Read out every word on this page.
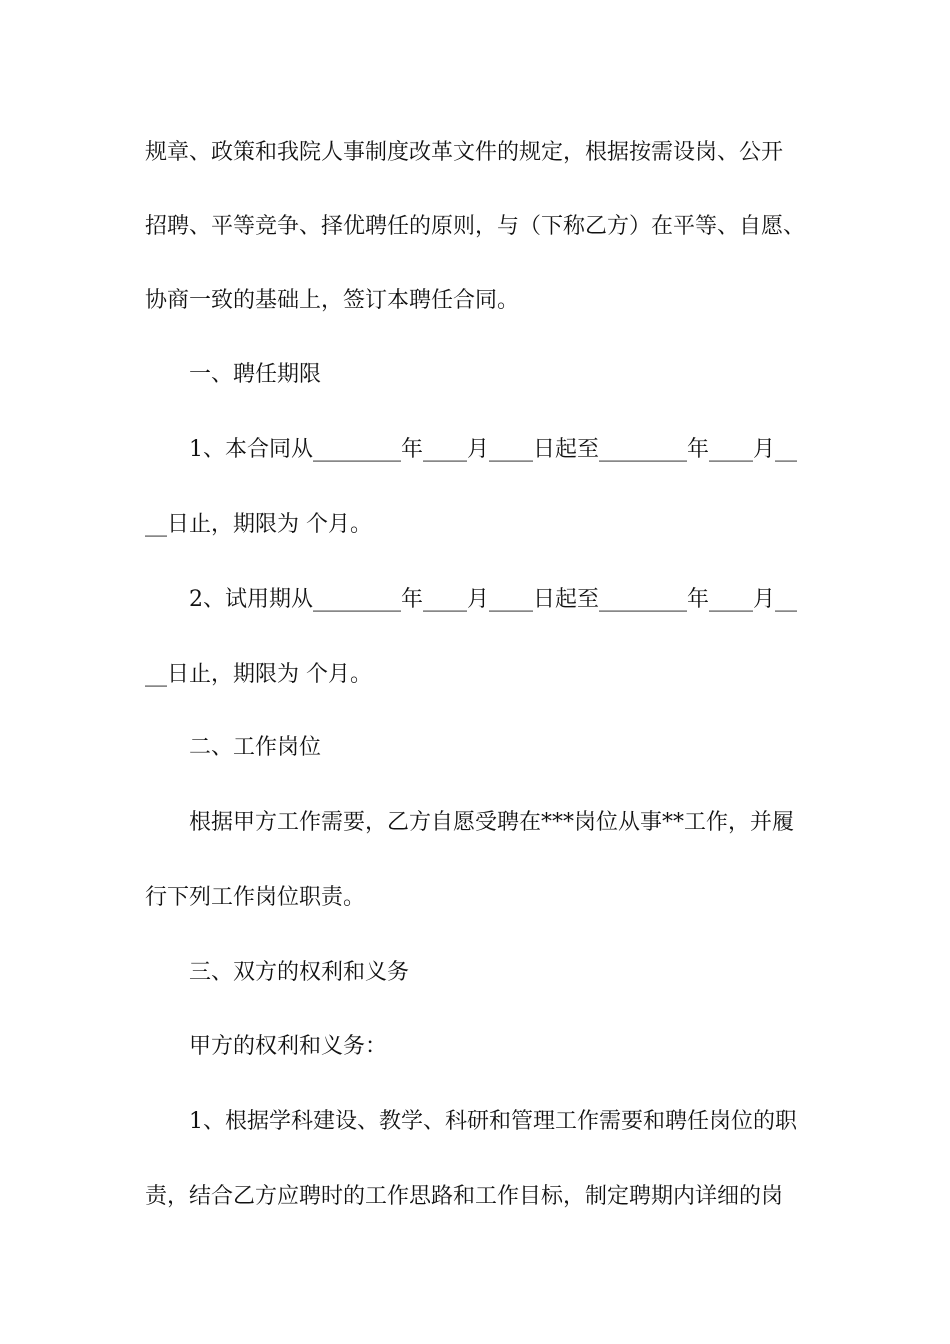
规章、政策和我院人事制度改革文件的规定，根据按需设岗、公开
招聘、平等竞争、择优聘任的原则，与（下称乙方）在平等、自愿、
协商一致的基础上，签订本聘任合同。
一、聘任期限
1、本合同从________年____月____日起至________年____月__
__日止，期限为 个月。
2、试用期从________年____月____日起至________年____月__
__日止，期限为 个月。
二、工作岗位
根据甲方工作需要，乙方自愿受聘在***岗位从事**工作，并履
行下列工作岗位职责。
三、双方的权利和义务
甲方的权利和义务：
1、根据学科建设、教学、科研和管理工作需要和聘任岗位的职
责，结合乙方应聘时的工作思路和工作目标，制定聘期内详细的岗
